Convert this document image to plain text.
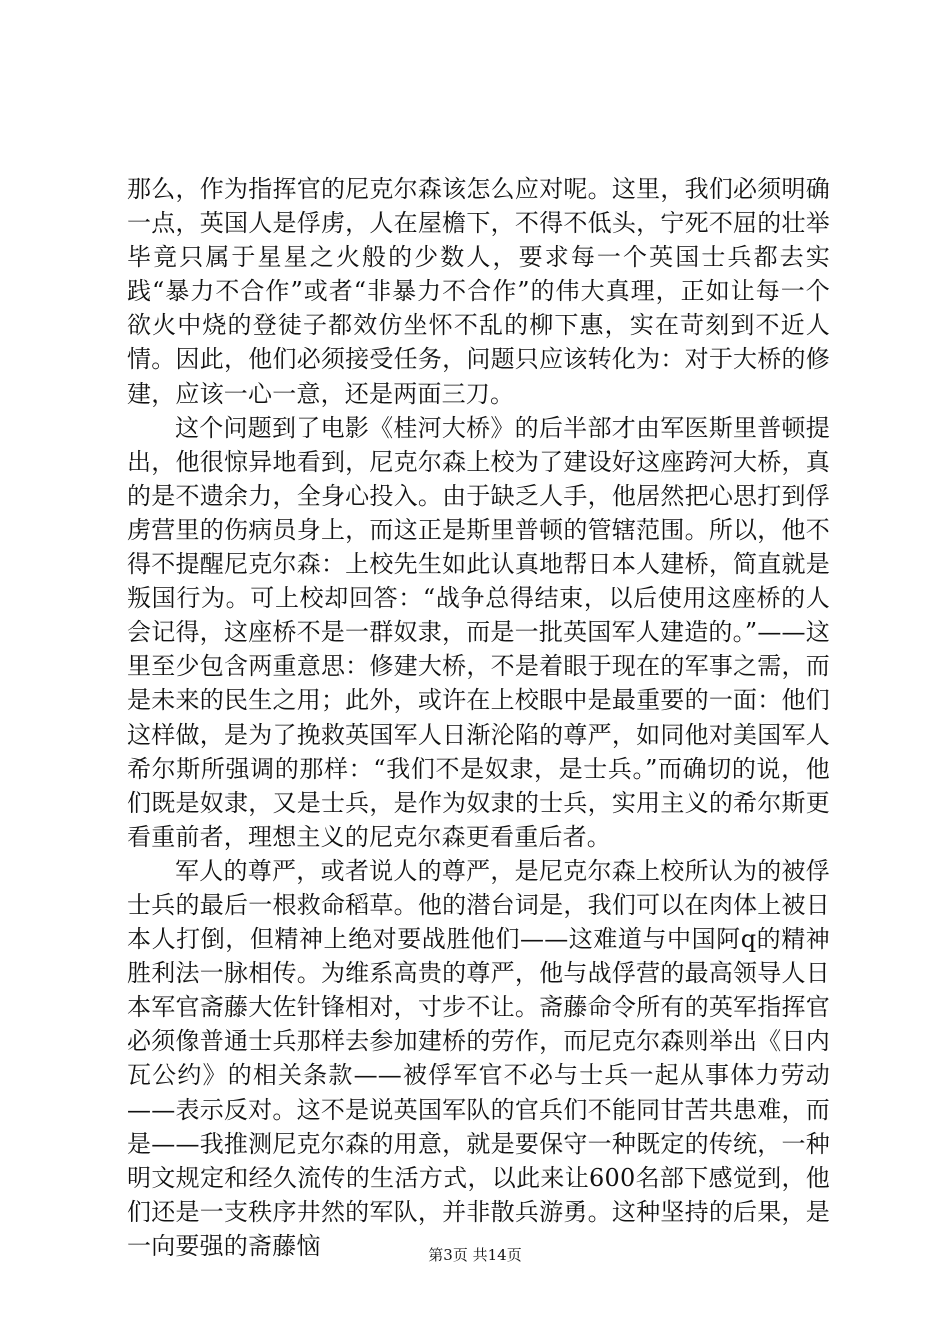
那么，作为指挥官的尼克尔森该怎么应对呢。这里，我们必须明确一点，英国人是俘虏，人在屋檐下，不得不低头，宁死不屈的壮举毕竟只属于星星之火般的少数人，要求每一个英国士兵都去实践“暴力不合作”或者“非暴力不合作”的伟大真理，正如让每一个欲火中烧的登徒子都效仿坐怀不乱的柳下惠，实在苛刻到不近人情。因此，他们必须接受任务，问题只应该转化为：对于大桥的修建，应该一心一意，还是两面三刀。

这个问题到了电影《桂河大桥》的后半部才由军医斯里普顿提出，他很惊异地看到，尼克尔森上校为了建设好这座跨河大桥，真的是不遗余力，全身心投入。由于缺乏人手，他居然把心思打到俘虏营里的伤病员身上，而这正是斯里普顿的管辖范围。所以，他不得不提醒尼克尔森：上校先生如此认真地帮日本人建桥，简直就是叛国行为。可上校却回答：“战争总得结束，以后使用这座桥的人会记得，这座桥不是一群奴隶，而是一批英国军人建造的。”——这里至少包含两重意思：修建大桥，不是着眼于现在的军事之需，而是未来的民生之用；此外，或许在上校眼中是最重要的一面：他们这样做，是为了挽救英国军人日渐沦陷的尊严，如同他对美国军人希尔斯所强调的那样：“我们不是奴隶，是士兵。”而确切的说，他们既是奴隶，又是士兵，是作为奴隶的士兵，实用主义的希尔斯更看重前者，理想主义的尼克尔森更看重后者。

军人的尊严，或者说人的尊严，是尼克尔森上校所认为的被俘士兵的最后一根救命稻草。他的潜台词是，我们可以在肉体上被日本人打倒，但精神上绝对要战胜他们——这难道与中国阿q的精神胜利法一脉相传。为维系高贵的尊严，他与战俘营的最高领导人日本军官斋藤大佐针锋相对，寸步不让。斋藤命令所有的英军指挥官必须像普通士兵那样去参加建桥的劳作，而尼克尔森则举出《日内瓦公约》的相关条款——被俘军官不必与士兵一起从事体力劳动——表示反对。这不是说英国军队的官兵们不能同甘苦共患难，而是——我推测尼克尔森的用意，就是要保守一种既定的传统，一种明文规定和经久流传的生活方式，以此来让600名部下感觉到，他们还是一支秩序井然的军队，并非散兵游勇。这种坚持的后果，是一向要强的斋藤恼	第3页 共14页
